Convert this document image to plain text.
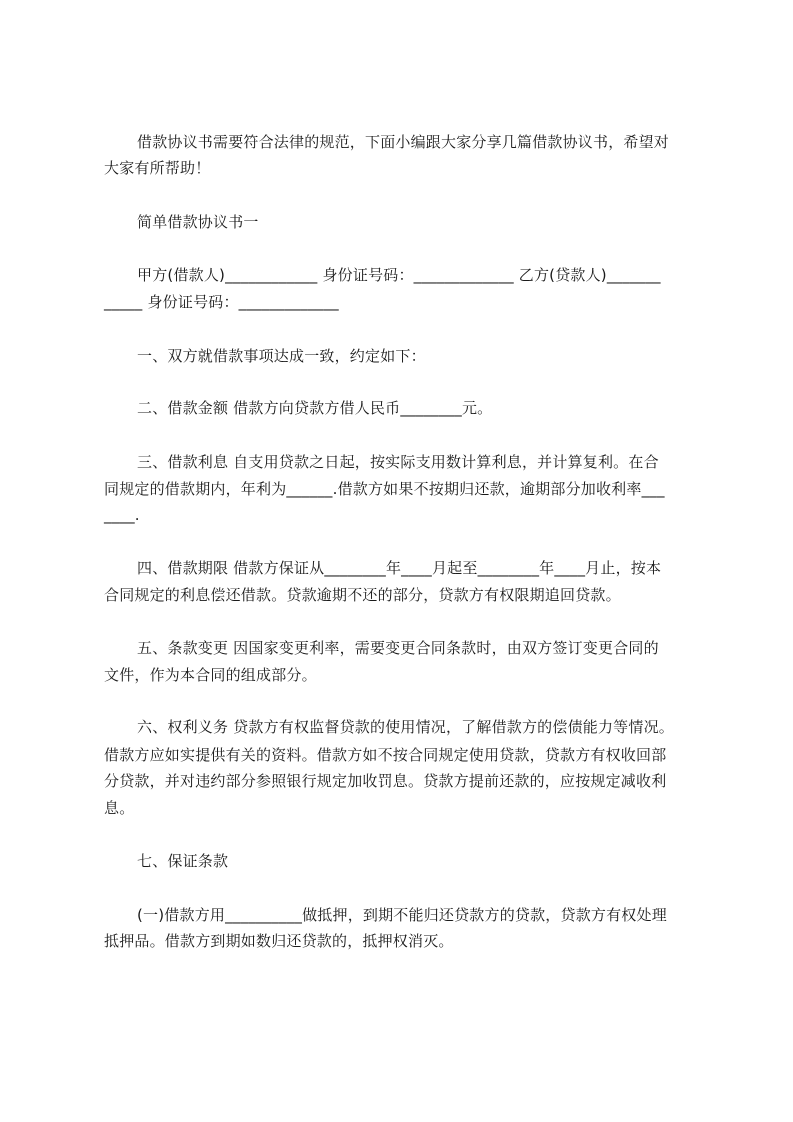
借款协议书需要符合法律的规范，下面小编跟大家分享几篇借款协议书，希望对
大家有所帮助！
简单借款协议书一
甲方(借款人)____________ 身份证号码：_____________ 乙方(贷款人)_______
_____ 身份证号码：_____________
一、双方就借款事项达成一致，约定如下：
二、借款金额 借款方向贷款方借人民币________元。
三、借款利息 自支用贷款之日起，按实际支用数计算利息，并计算复利。在合
同规定的借款期内，年利为______.借款方如果不按期归还款，逾期部分加收利率___
____.
四、借款期限 借款方保证从________年____月起至________年____月止，按本
合同规定的利息偿还借款。贷款逾期不还的部分，贷款方有权限期追回贷款。
五、条款变更 因国家变更利率，需要变更合同条款时，由双方签订变更合同的
文件，作为本合同的组成部分。
六、权利义务 贷款方有权监督贷款的使用情况，了解借款方的偿债能力等情况。
借款方应如实提供有关的资料。借款方如不按合同规定使用贷款，贷款方有权收回部
分贷款，并对违约部分参照银行规定加收罚息。贷款方提前还款的，应按规定减收利
息。
七、保证条款
(一)借款方用__________做抵押，到期不能归还贷款方的贷款，贷款方有权处理
抵押品。借款方到期如数归还贷款的，抵押权消灭。
